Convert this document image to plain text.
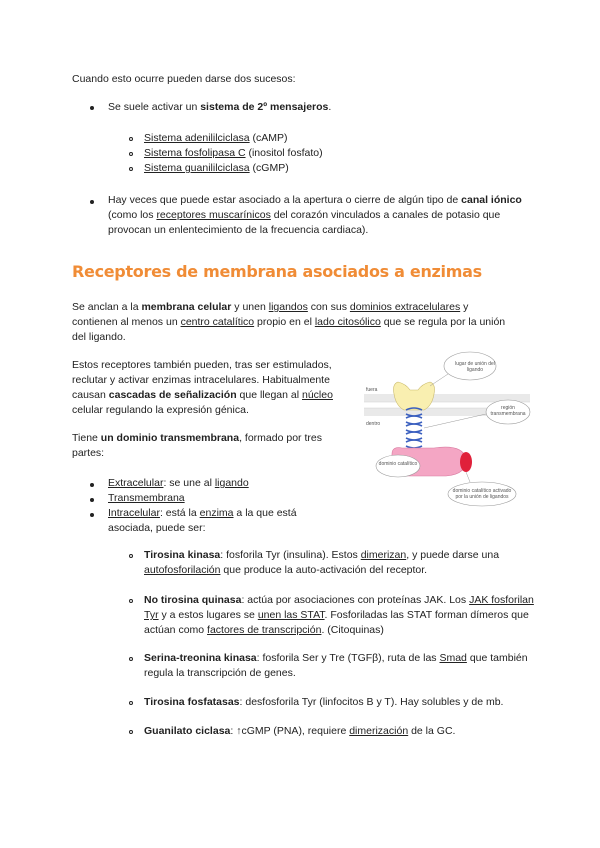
Cuando esto ocurre pueden darse dos sucesos:

Se suele activar un sistema de 2º mensajeros.

Sistema adenililciclasa (cAMP)

Sistema fosfolipasa C (inositol fosfato)

Sistema guanililciclasa (cGMP)

Hay veces que puede estar asociado a la apertura o cierre de algún tipo de canal iónico (como los receptores muscarínicos del corazón vinculados a canales de potasio que provocan un enlentecimiento de la frecuencia cardiaca).

Receptores de membrana asociados a enzimas

Se anclan a la membrana celular y unen ligandos con sus dominios extracelulares y contienen al menos un centro catalítico propio en el lado citosólico que se regula por la unión del ligando.

Estos receptores también pueden, tras ser estimulados, reclutar y activar enzimas intracelulares. Habitualmente causan cascadas de señalización que llegan al núcleo celular regulando la expresión génica.

Tiene un dominio transmembrana, formado por tres partes:

Extracelular: se une al ligando

Transmembrana

Intracelular: está la enzima a la que está asociada, puede ser:

Tirosina kinasa: fosforila Tyr (insulina). Estos dimerizan, y puede darse una autofosforilación que produce la auto-activación del receptor.

No tirosina quinasa: actúa por asociaciones con proteínas JAK. Los JAK fosforilan Tyr y a estos lugares se unen las STAT. Fosforiladas las STAT forman dímeros que actúan como factores de transcripción. (Citoquinas)

Serina-treonina kinasa: fosforila Ser y Tre (TGFβ), ruta de las Smad que también regula la transcripción de genes.

Tirosina fosfatasas: desfosforila Tyr (linfocitos B y T). Hay solubles y de mb.

Guanilato ciclasa: ↑cGMP (PNA), requiere dimerización de la GC.

lugar de unión del ligando
región transmembrana
dominio catalítico
dominio catalítico activado por la unión de ligandos
fuera
dentro
